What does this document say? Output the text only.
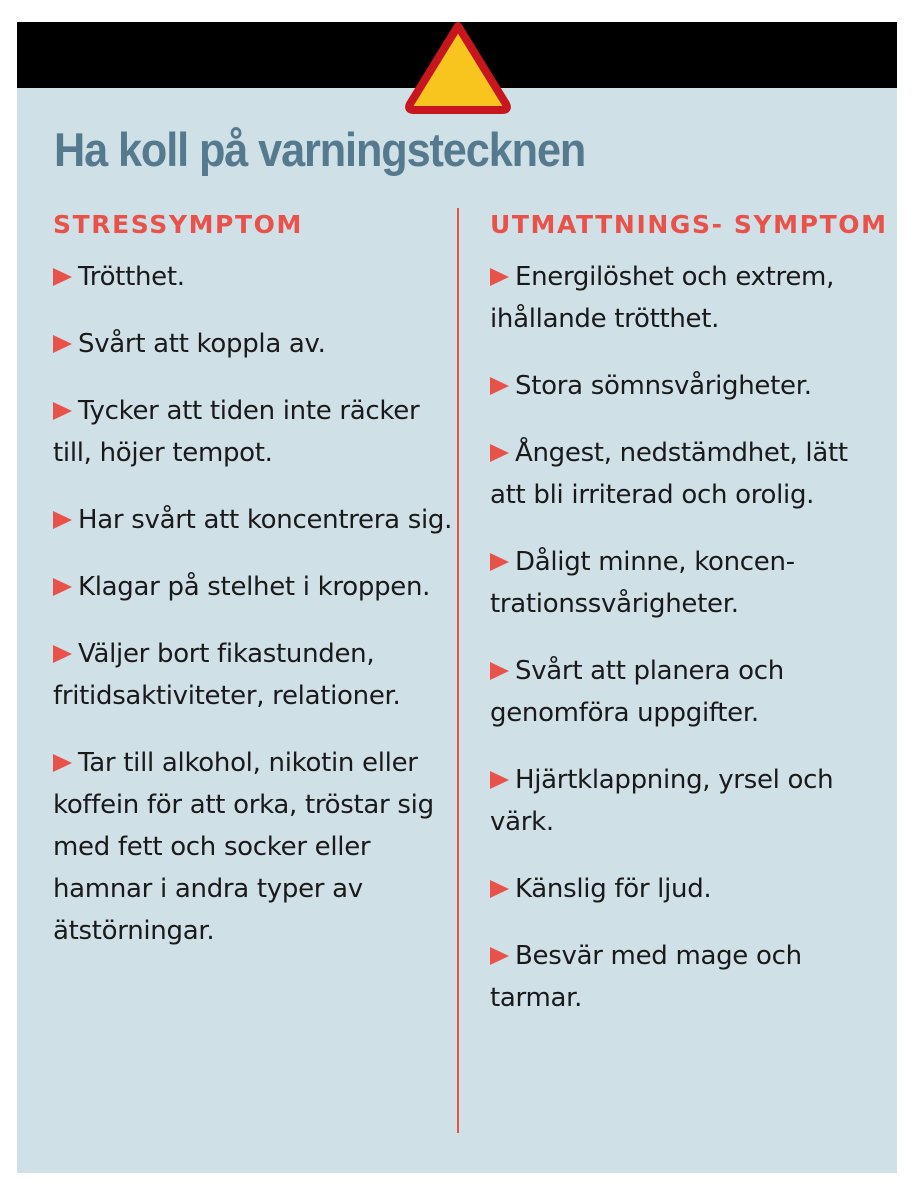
Ha koll på varningstecknen
STRESSYMPTOM

Trötthet.

Svårt att koppla av.

Tycker att tiden inte räcker till, höjer tempot.

Har svårt att koncentrera sig.

Klagar på stelhet i kroppen.

Väljer bort fikastunden, fritidsaktiviteter, relationer.

Tar till alkohol, nikotin eller koffein för att orka, tröstar sig med fett och socker eller hamnar i andra typer av ätstörningar.

UTMATTNINGS- SYMPTOM

Energilöshet och extrem, ihållande trötthet.

Stora sömnsvårigheter.

Ångest, nedstämdhet, lätt att bli irriterad och orolig.

Dåligt minne, koncentrationssvårigheter.

Svårt att planera och genomföra uppgifter.

Hjärtklappning, yrsel och värk.

Känslig för ljud.

Besvär med mage och tarmar.
